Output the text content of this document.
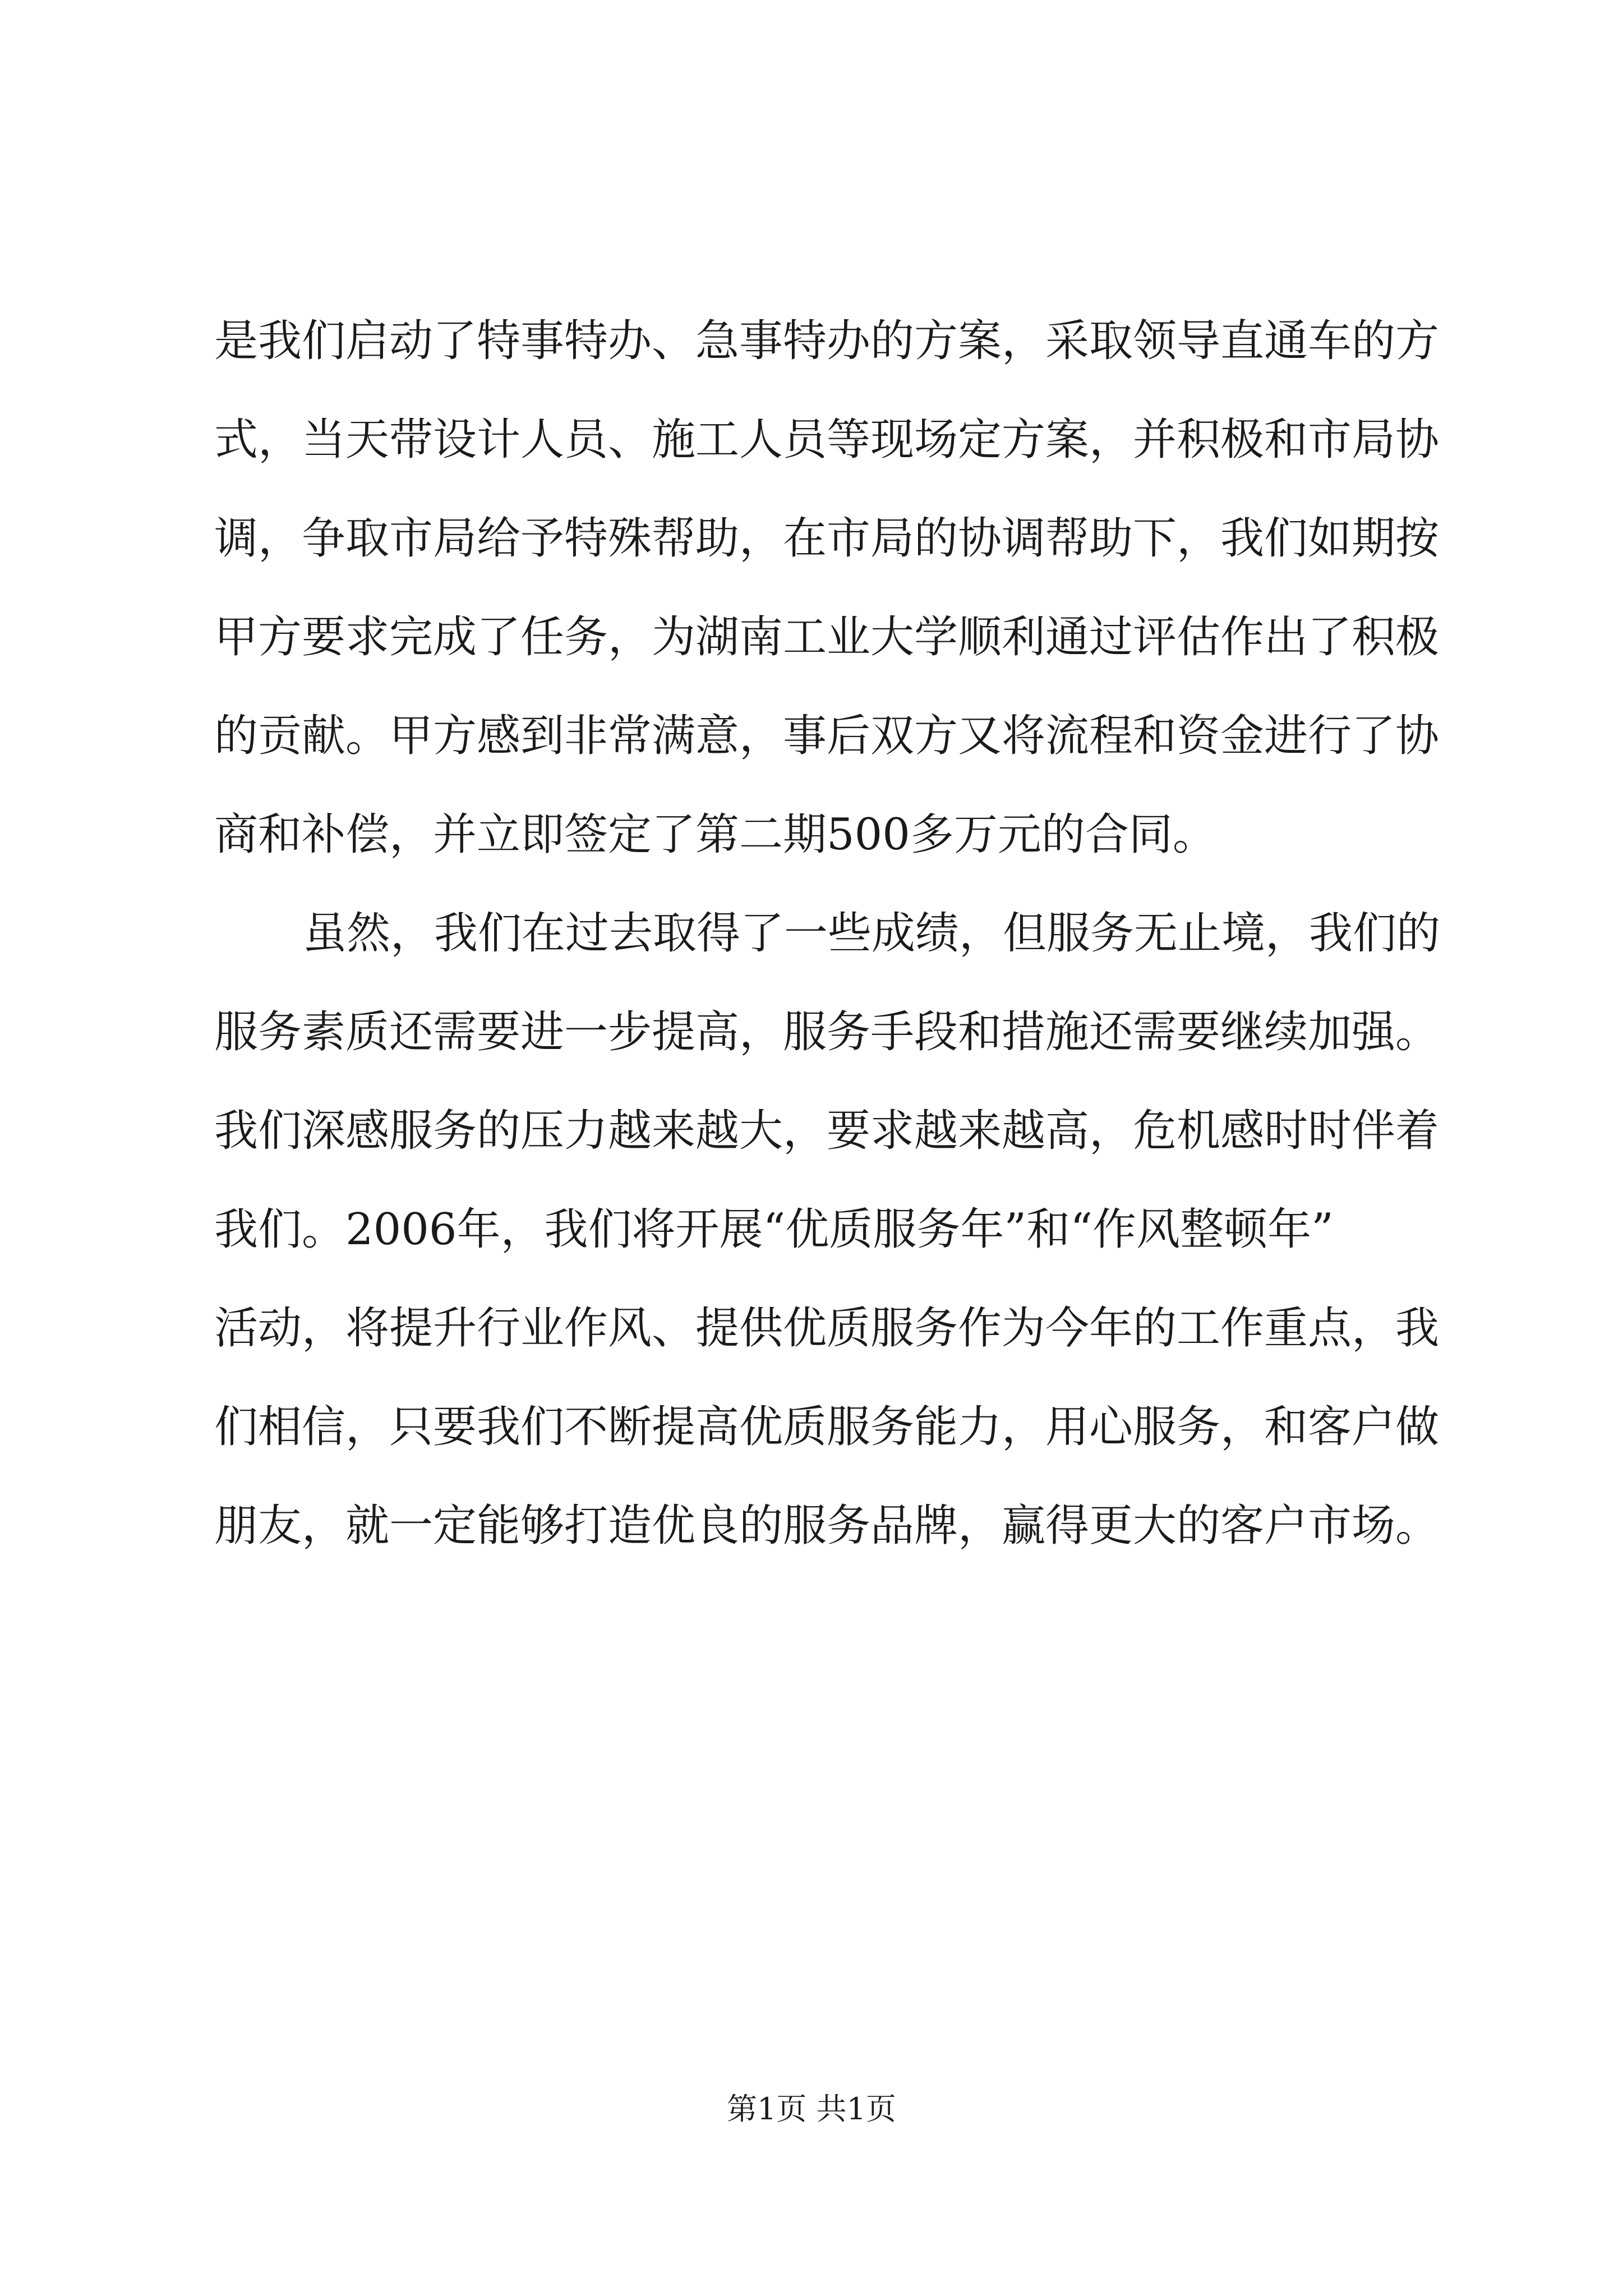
是我们启动了特事特办、急事特办的方案，采取领导直通车的方
式，当天带设计人员、施工人员等现场定方案，并积极和市局协
调，争取市局给予特殊帮助，在市局的协调帮助下，我们如期按
甲方要求完成了任务，为湖南工业大学顺利通过评估作出了积极
的贡献。甲方感到非常满意，事后双方又将流程和资金进行了协
商和补偿，并立即签定了第二期500多万元的合同。
虽然，我们在过去取得了一些成绩，但服务无止境，我们的
服务素质还需要进一步提高，服务手段和措施还需要继续加强。
我们深感服务的压力越来越大，要求越来越高，危机感时时伴着
我们。2006年，我们将开展“优质服务年”和“作风整顿年”
活动，将提升行业作风、提供优质服务作为今年的工作重点，我
们相信，只要我们不断提高优质服务能力，用心服务，和客户做
朋友，就一定能够打造优良的服务品牌，赢得更大的客户市场。
第1页 共1页
